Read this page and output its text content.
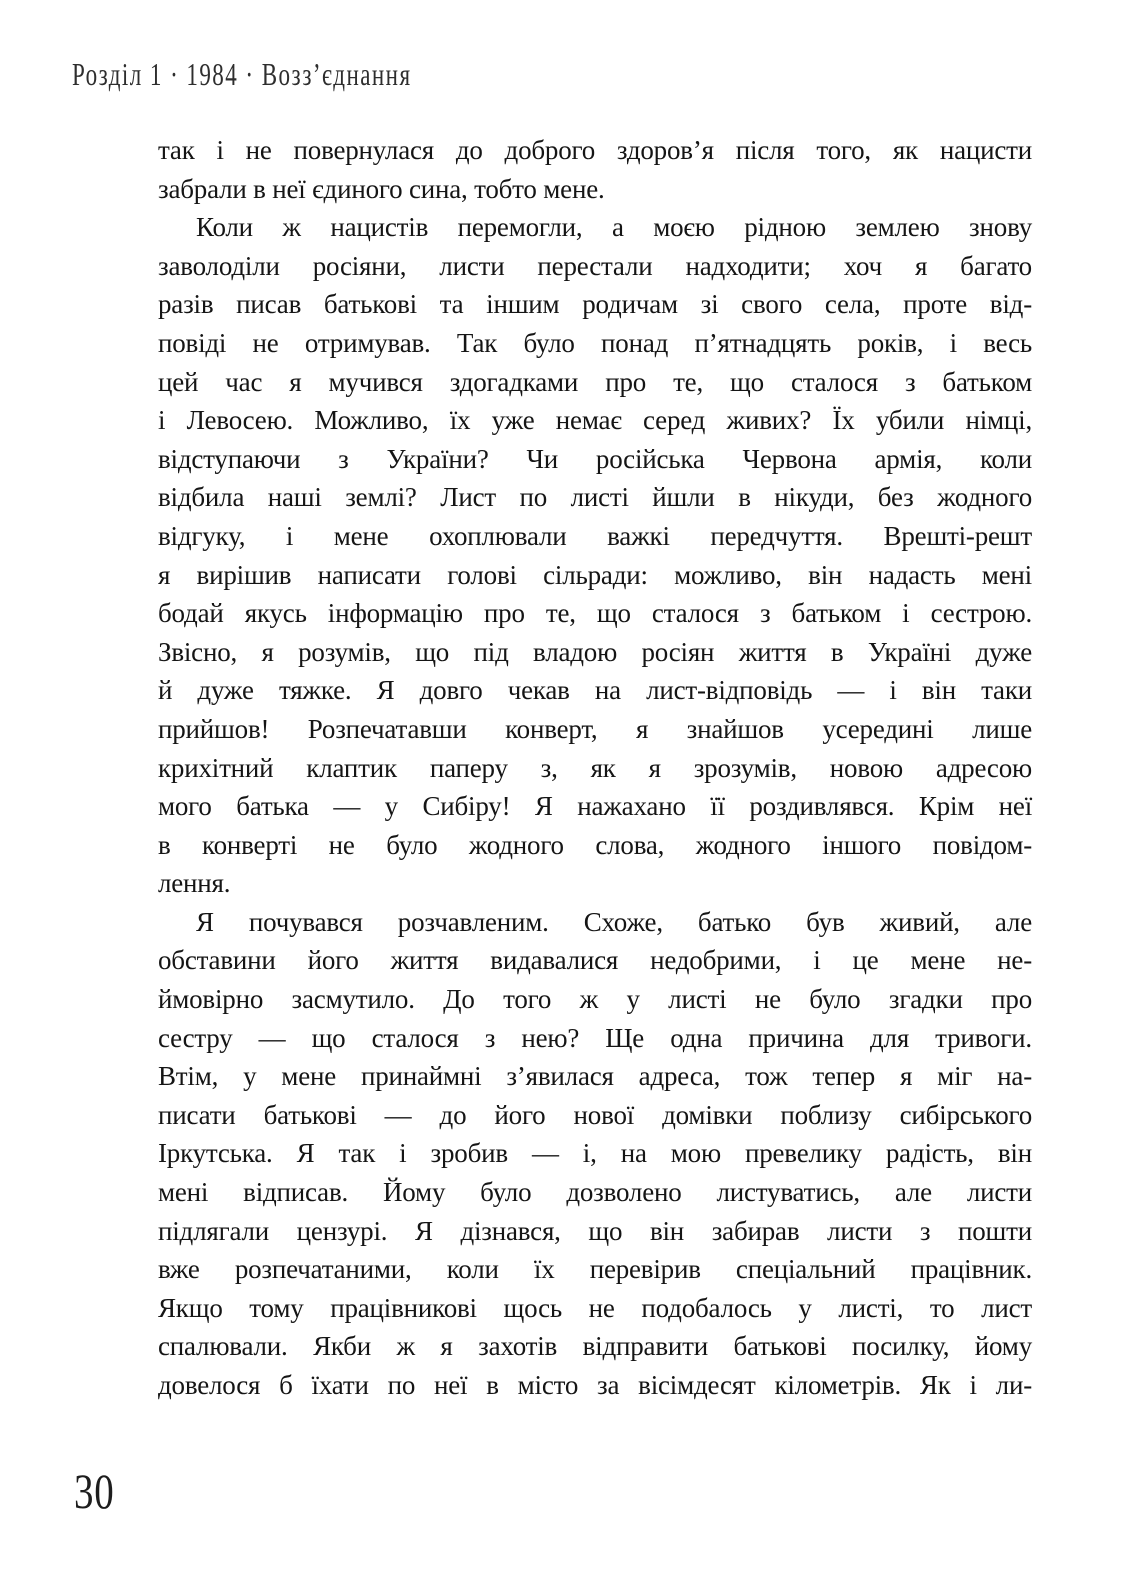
Розділ 1 · 1984 · Возз’єднання
так і не повернулася до доброго здоров’я після того, як нацисти
забрали в неї єдиного сина, тобто мене.
Коли ж нацистів перемогли, а моєю рідною землею знову
заволоділи росіяни, листи перестали надходити; хоч я багато
разів писав батькові та іншим родичам зі свого села, проте від-
повіді не отримував. Так було понад п’ятнадцять років, і весь
цей час я мучився здогадками про те, що сталося з батьком
і Левосею. Можливо, їх уже немає серед живих? Їх убили німці,
відступаючи з України? Чи російська Червона армія, коли
відбила наші землі? Лист по листі йшли в нікуди, без жодного
відгуку, і мене охоплювали важкі передчуття. Врешті-решт
я вирішив написати голові сільради: можливо, він надасть мені
бодай якусь інформацію про те, що сталося з батьком і сестрою.
Звісно, я розумів, що під владою росіян життя в Україні дуже
й дуже тяжке. Я довго чекав на лист-відповідь — і він таки
прийшов! Розпечатавши конверт, я знайшов усередині лише
крихітний клаптик паперу з, як я зрозумів, новою адресою
мого батька — у Сибіру! Я нажахано її роздивлявся. Крім неї
в конверті не було жодного слова, жодного іншого повідом-
лення.
Я почувався розчавленим. Схоже, батько був живий, але
обставини його життя видавалися недобрими, і це мене не-
ймовірно засмутило. До того ж у листі не було згадки про
сестру — що сталося з нею? Ще одна причина для тривоги.
Втім, у мене принаймні з’явилася адреса, тож тепер я міг на-
писати батькові — до його нової домівки поблизу сибірського
Іркутська. Я так і зробив — і, на мою превелику радість, він
мені відписав. Йому було дозволено листуватись, але листи
підлягали цензурі. Я дізнався, що він забирав листи з пошти
вже розпечатаними, коли їх перевірив спеціальний працівник.
Якщо тому працівникові щось не подобалось у листі, то лист
спалювали. Якби ж я захотів відправити батькові посилку, йому
довелося б їхати по неї в місто за вісімдесят кілометрів. Як і ли-
30
